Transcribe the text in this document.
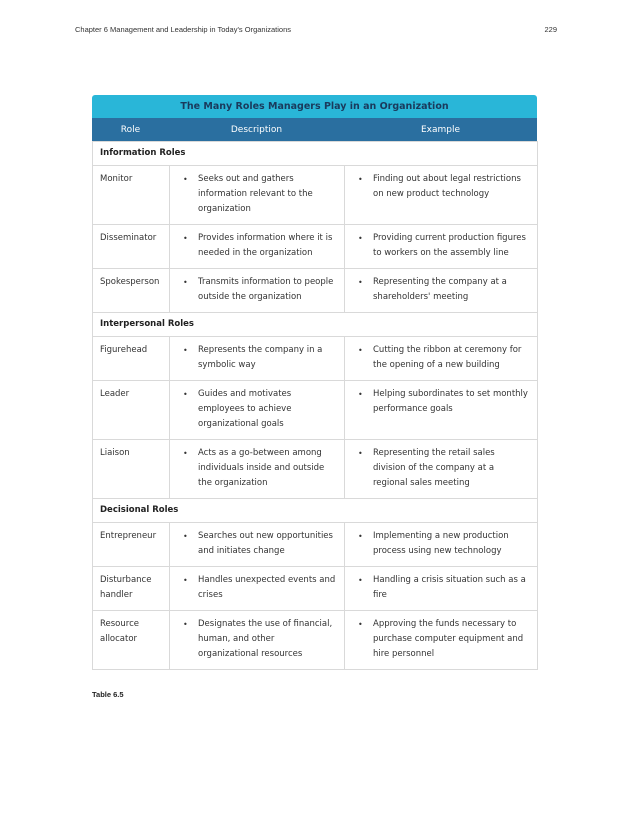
Chapter 6 Management and Leadership in Today's Organizations	229
The Many Roles Managers Play in an Organization
Role	Description	Example
Information Roles		
Monitor	• Seeks out and gathers information relevant to the organization	• Finding out about legal restrictions on new product technology

Disseminator	• Provides information where it is needed in the organization	• Providing current production figures to workers on the assembly line

Spokesperson	• Transmits information to people outside the organization	• Representing the company at a shareholders' meeting

Interpersonal Roles		
Figurehead	• Represents the company in a symbolic way	• Cutting the ribbon at ceremony for the opening of a new building

Leader	• Guides and motivates employees to achieve organizational goals	• Helping subordinates to set monthly performance goals

Liaison	• Acts as a go-between among individuals inside and outside the organization	• Representing the retail sales division of the company at a regional sales meeting

Decisional Roles		
Entrepreneur	• Searches out new opportunities and initiates change	• Implementing a new production process using new technology

Disturbance handler	• Handles unexpected events and crises	• Handling a crisis situation such as a fire

Resource allocator	• Designates the use of financial, human, and other organizational resources	• Approving the funds necessary to purchase computer equipment and hire personnel
Table 6.5
